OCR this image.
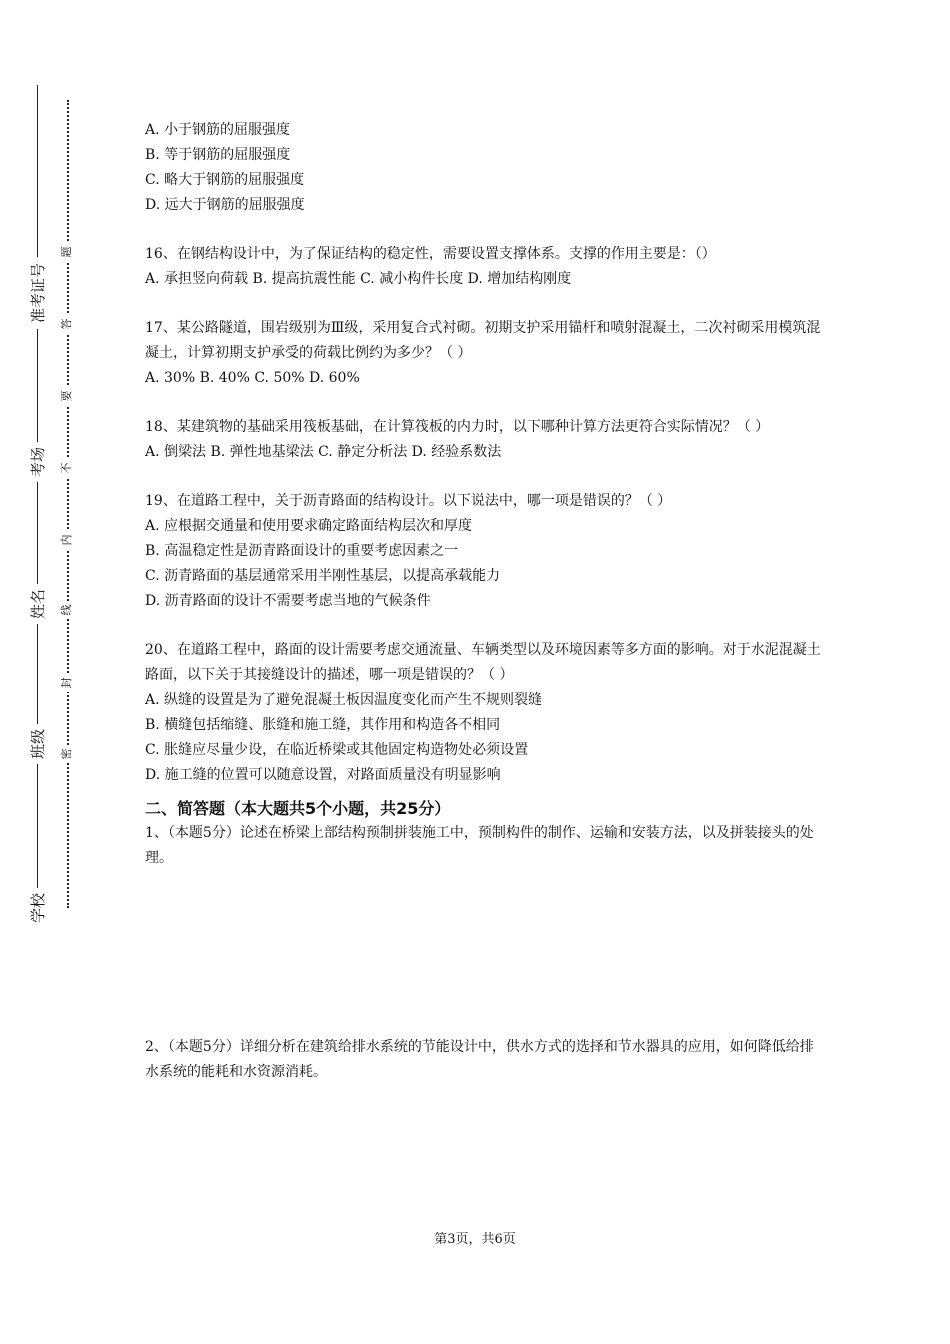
学校
班级
姓名
考场
准考证号
密
封
线
内
不
要
答
题
A. 小于钢筋的屈服强度
B. 等于钢筋的屈服强度
C. 略大于钢筋的屈服强度
D. 远大于钢筋的屈服强度
16、在钢结构设计中，为了保证结构的稳定性，需要设置支撑体系。支撑的作用主要是：（）
A. 承担竖向荷载 B. 提高抗震性能 C. 减小构件长度 D. 增加结构刚度
17、某公路隧道，围岩级别为Ⅲ级，采用复合式衬砌。初期支护采用锚杆和喷射混凝土，二次衬砌采用模筑混凝土，计算初期支护承受的荷载比例约为多少？（ ）
A. 30% B. 40% C. 50% D. 60%
18、某建筑物的基础采用筏板基础，在计算筏板的内力时，以下哪种计算方法更符合实际情况？（ ）
A. 倒梁法 B. 弹性地基梁法 C. 静定分析法 D. 经验系数法
19、在道路工程中，关于沥青路面的结构设计。以下说法中，哪一项是错误的？（ ）
A. 应根据交通量和使用要求确定路面结构层次和厚度
B. 高温稳定性是沥青路面设计的重要考虑因素之一
C. 沥青路面的基层通常采用半刚性基层，以提高承载能力
D. 沥青路面的设计不需要考虑当地的气候条件
20、在道路工程中，路面的设计需要考虑交通流量、车辆类型以及环境因素等多方面的影响。对于水泥混凝土路面，以下关于其接缝设计的描述，哪一项是错误的？（ ）
A. 纵缝的设置是为了避免混凝土板因温度变化而产生不规则裂缝
B. 横缝包括缩缝、胀缝和施工缝，其作用和构造各不相同
C. 胀缝应尽量少设，在临近桥梁或其他固定构造物处必须设置
D. 施工缝的位置可以随意设置，对路面质量没有明显影响
二、简答题（本大题共5个小题，共25分）
1、（本题5分）论述在桥梁上部结构预制拼装施工中，预制构件的制作、运输和安装方法，以及拼装接头的处理。
2、（本题5分）详细分析在建筑给排水系统的节能设计中，供水方式的选择和节水器具的应用，如何降低给排水系统的能耗和水资源消耗。
第3页，共6页
